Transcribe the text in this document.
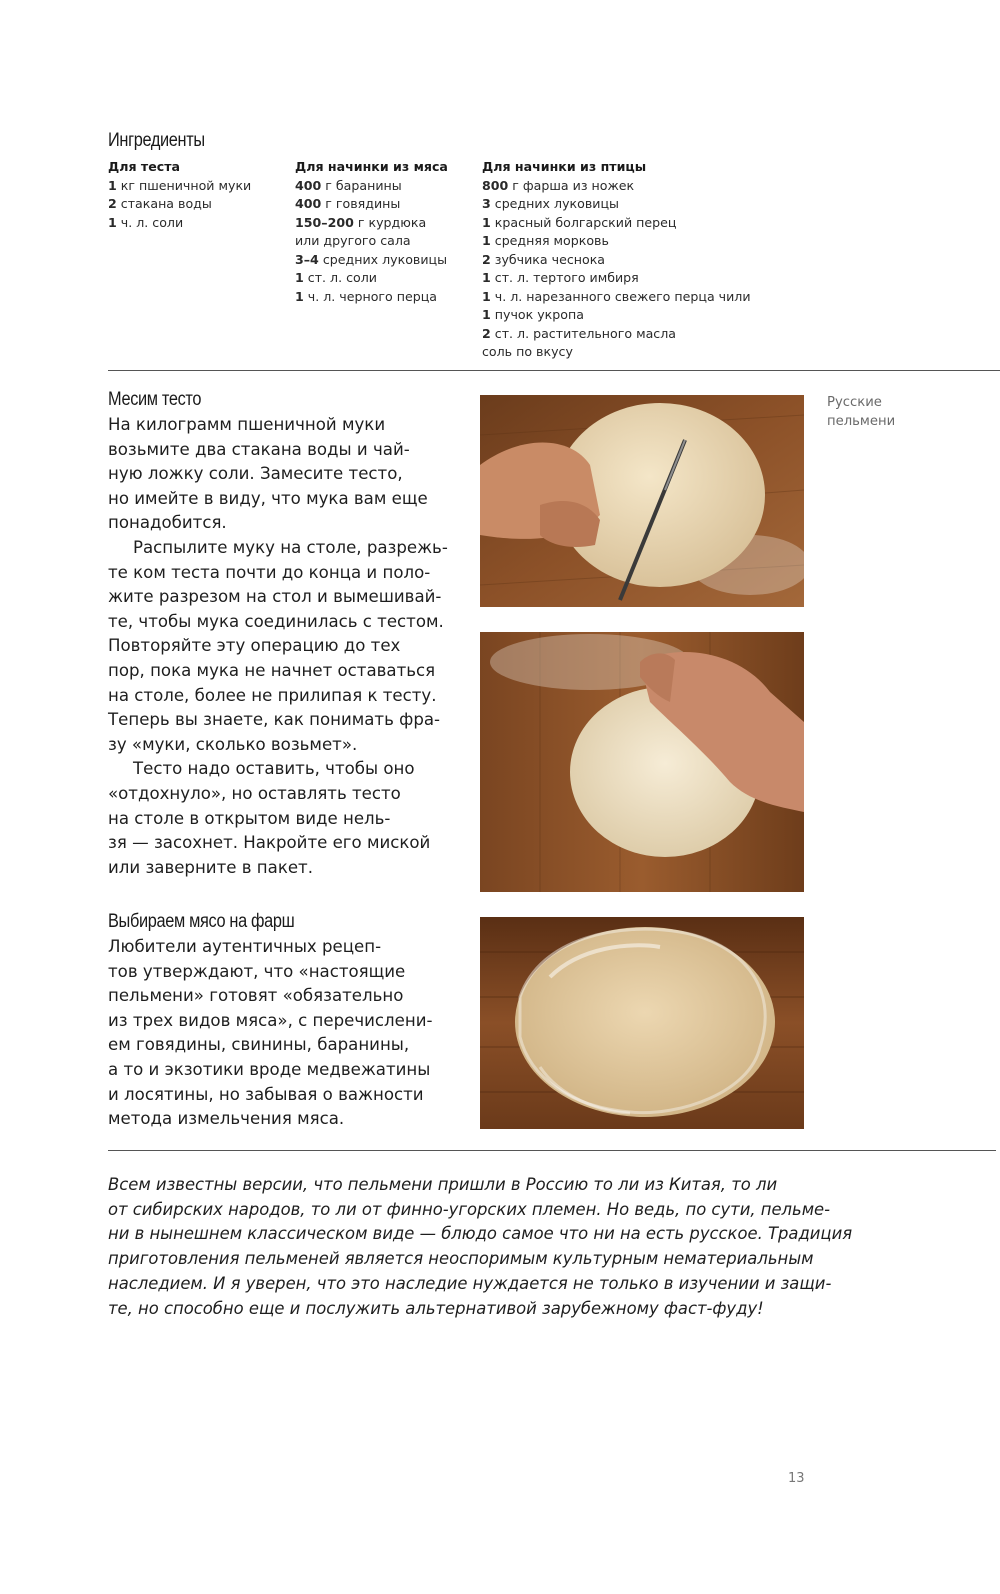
Ингредиенты
Для теста
1 кг пшеничной муки
2 стакана воды
1 ч. л. соли
Для начинки из мяса
400 г баранины
400 г говядины
150–200 г курдюка
или другого сала
3–4 средних луковицы
1 ст. л. соли
1 ч. л. черного перца
Для начинки из птицы
800 г фарша из ножек
3 средних луковицы
1 красный болгарский перец
1 средняя морковь
2 зубчика чеснока
1 ст. л. тертого имбиря
1 ч. л. нарезанного свежего перца чили
1 пучок укропа
2 ст. л. растительного масла
соль по вкусу
Месим тесто
На килограмм пшеничной муки
возьмите два стакана воды и чай-
ную ложку соли. Замесите тесто,
но имейте в виду, что мука вам еще
понадобится.
Распылите муку на столе, разрежь-
те ком теста почти до конца и поло-
жите разрезом на стол и вымешивай-
те, чтобы мука соединилась с тестом.
Повторяйте эту операцию до тех
пор, пока мука не начнет оставаться
на столе, более не прилипая к тесту.
Теперь вы знаете, как понимать фра-
зу «муки, сколько возьмет».
Тесто надо оставить, чтобы оно
«отдохнуло», но оставлять тесто
на столе в открытом виде нель-
зя — засохнет. Накройте его миской
или заверните в пакет.
Выбираем мясо на фарш
Любители аутентичных рецеп-
тов утверждают, что «настоящие
пельмени» готовят «обязательно
из трех видов мяса», с перечислени-
ем говядины, свинины, баранины,
а то и экзотики вроде медвежатины
и лосятины, но забывая о важности
метода измельчения мяса.
Русские
пельмени
Всем известны версии, что пельмени пришли в Россию то ли из Китая, то ли
от сибирских народов, то ли от финно-угорских племен. Но ведь, по сути, пельме-
ни в нынешнем классическом виде — блюдо самое что ни на есть русское. Традиция
приготовления пельменей является неоспоримым культурным нематериальным
наследием. И я уверен, что это наследие нуждается не только в изучении и защи-
те, но способно еще и послужить альтернативой зарубежному фаст-фуду!
13
